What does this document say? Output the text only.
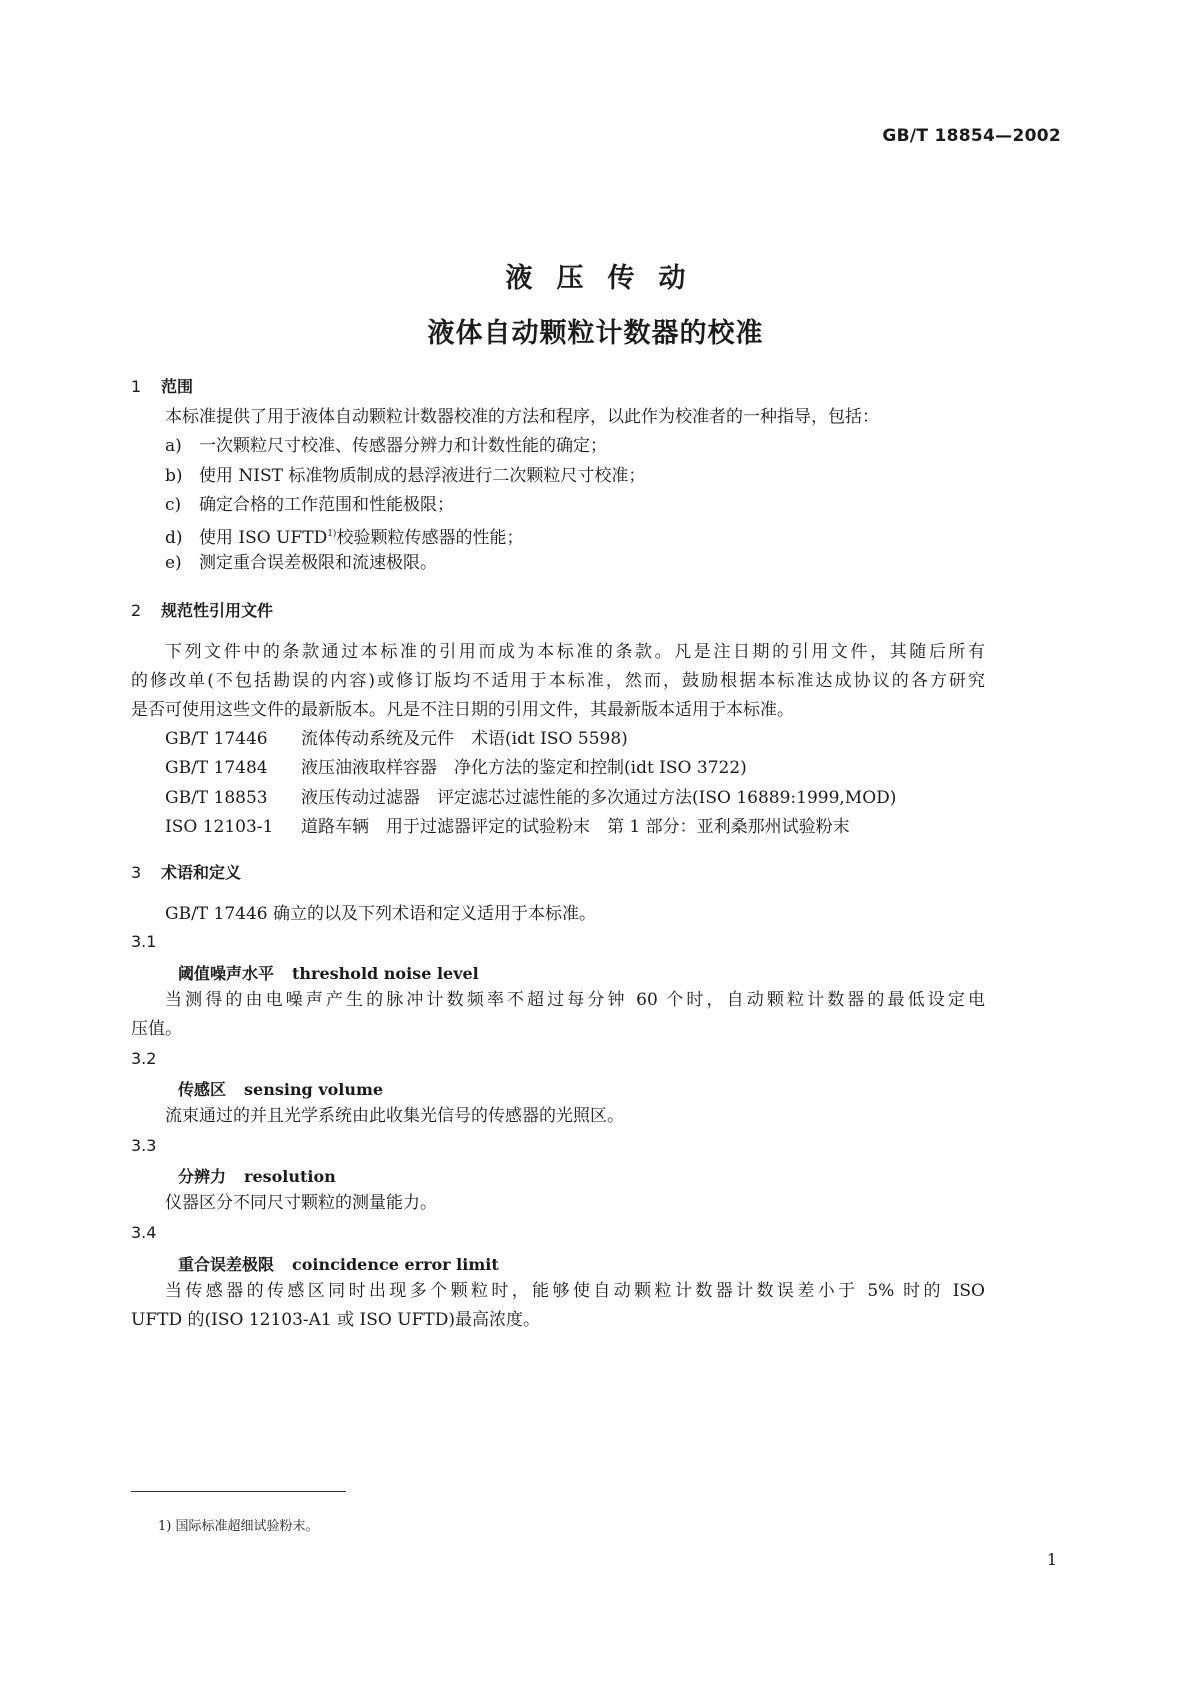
GB/T 18854—2002
液压传动
液体自动颗粒计数器的校准
1 范围
本标准提供了用于液体自动颗粒计数器校准的方法和程序，以此作为校准者的一种指导，包括：
a) 一次颗粒尺寸校准、传感器分辨力和计数性能的确定；
b) 使用 NIST 标准物质制成的悬浮液进行二次颗粒尺寸校准；
c) 确定合格的工作范围和性能极限；
d) 使用 ISO UFTD$^{1)}$校验颗粒传感器的性能；
e) 测定重合误差极限和流速极限。
2 规范性引用文件
下列文件中的条款通过本标准的引用而成为本标准的条款。凡是注日期的引用文件，其随后所有
的修改单(不包括勘误的内容)或修订版均不适用于本标准，然而，鼓励根据本标准达成协议的各方研究
是否可使用这些文件的最新版本。凡是不注日期的引用文件，其最新版本适用于本标准。
GB/T 17446 流体传动系统及元件　术语(idt ISO 5598)
GB/T 17484 液压油液取样容器　净化方法的鉴定和控制(idt ISO 3722)
GB/T 18853 液压传动过滤器　评定滤芯过滤性能的多次通过方法(ISO 16889:1999,MOD)
ISO 12103-1 道路车辆　用于过滤器评定的试验粉末　第 1 部分：亚利桑那州试验粉末
3 术语和定义
GB/T 17446 确立的以及下列术语和定义适用于本标准。
3.1
阈值噪声水平 threshold noise level
当测得的由电噪声产生的脉冲计数频率不超过每分钟 60 个时，自动颗粒计数器的最低设定电
压值。
3.2
传感区 sensing volume
流束通过的并且光学系统由此收集光信号的传感器的光照区。
3.3
分辨力 resolution
仪器区分不同尺寸颗粒的测量能力。
3.4
重合误差极限 coincidence error limit
当传感器的传感区同时出现多个颗粒时，能够使自动颗粒计数器计数误差小于 5% 时的 ISO
UFTD 的(ISO 12103-A1 或 ISO UFTD)最高浓度。
1) 国际标准超细试验粉末。
1
